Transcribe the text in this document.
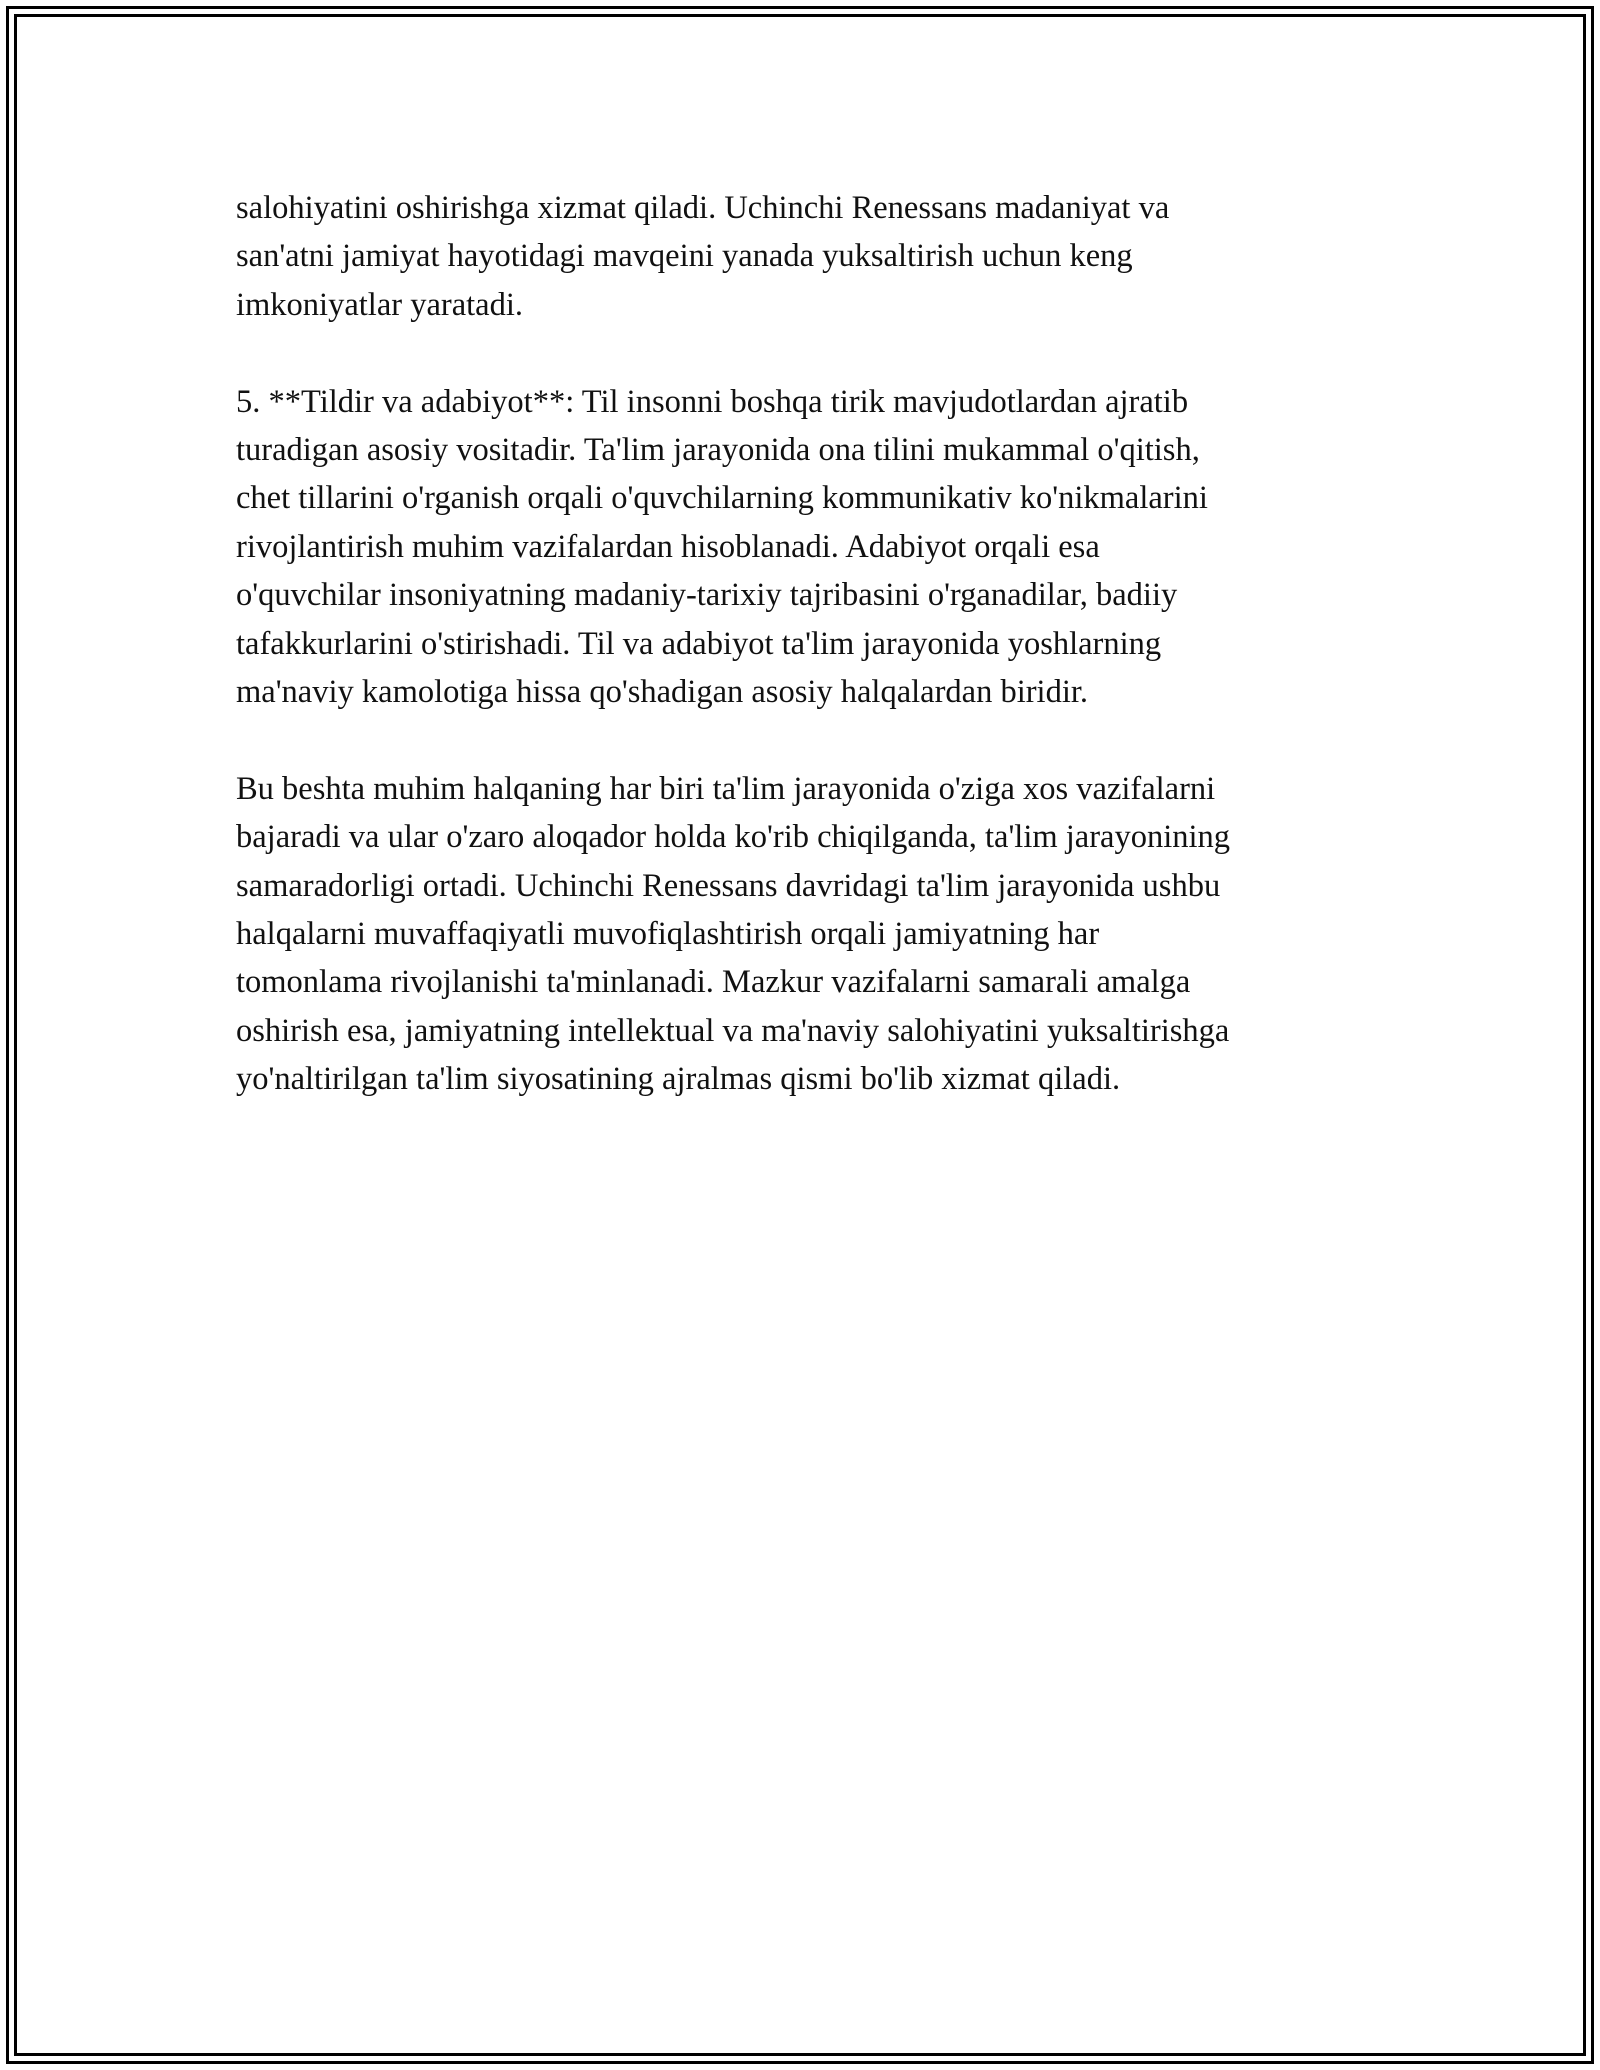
salohiyatini oshirishga xizmat qiladi. Uchinchi Renessans madaniyat va
san'atni jamiyat hayotidagi mavqeini yanada yuksaltirish uchun keng
imkoniyatlar yaratadi.

5. **Tildir va adabiyot**: Til insonni boshqa tirik mavjudotlardan ajratib
turadigan asosiy vositadir. Ta'lim jarayonida ona tilini mukammal o'qitish,
chet tillarini o'rganish orqali o'quvchilarning kommunikativ ko'nikmalarini
rivojlantirish muhim vazifalardan hisoblanadi. Adabiyot orqali esa
o'quvchilar insoniyatning madaniy-tarixiy tajribasini o'rganadilar, badiiy
tafakkurlarini o'stirishadi. Til va adabiyot ta'lim jarayonida yoshlarning
ma'naviy kamolotiga hissa qo'shadigan asosiy halqalardan biridir.

Bu beshta muhim halqaning har biri ta'lim jarayonida o'ziga xos vazifalarni
bajaradi va ular o'zaro aloqador holda ko'rib chiqilganda, ta'lim jarayonining
samaradorligi ortadi. Uchinchi Renessans davridagi ta'lim jarayonida ushbu
halqalarni muvaffaqiyatli muvofiqlashtirish orqali jamiyatning har
tomonlama rivojlanishi ta'minlanadi. Mazkur vazifalarni samarali amalga
oshirish esa, jamiyatning intellektual va ma'naviy salohiyatini yuksaltirishga
yo'naltirilgan ta'lim siyosatining ajralmas qismi bo'lib xizmat qiladi.
